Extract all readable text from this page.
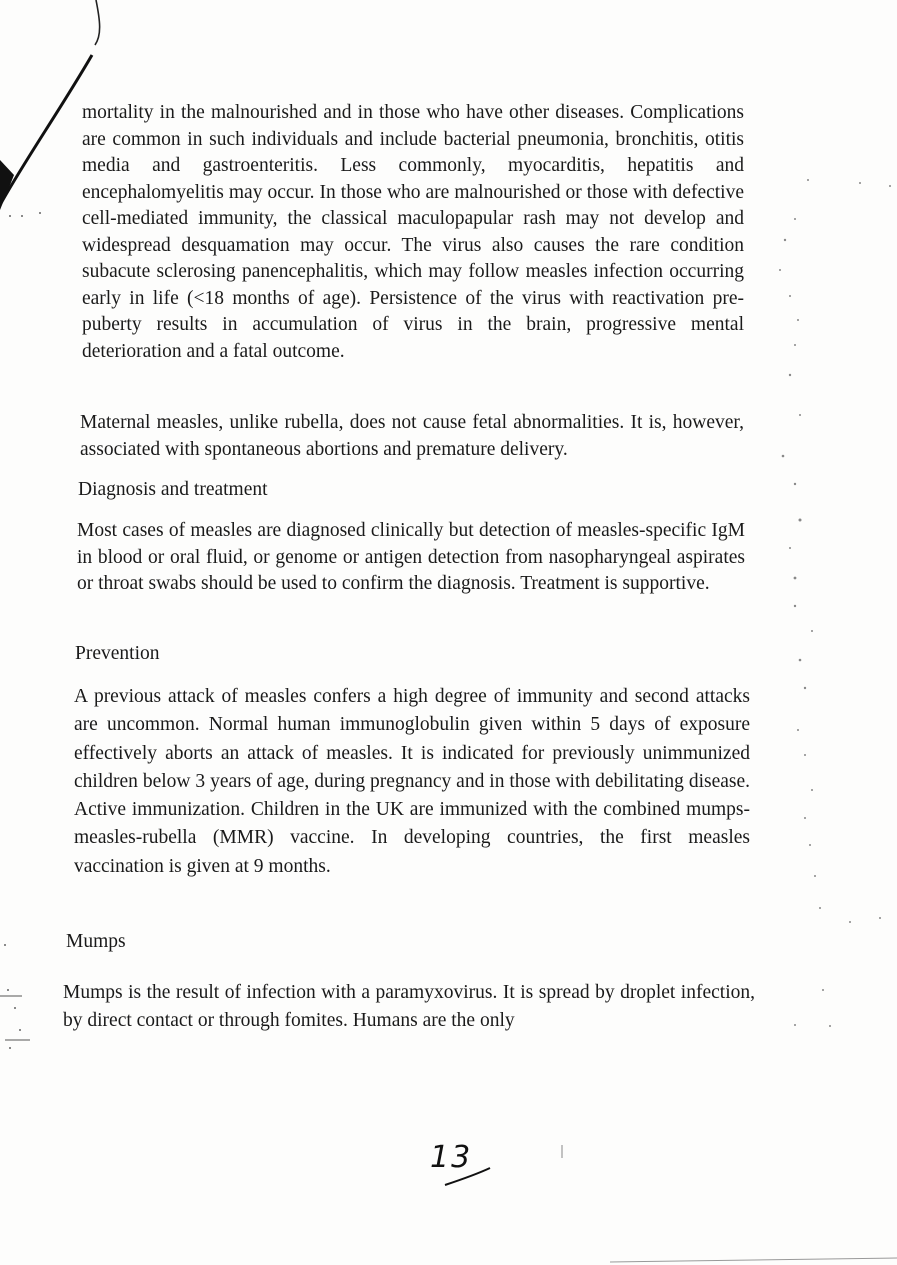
mortality in the malnourished and in those who have other diseases. Complications are common in such individuals and include bacterial pneumonia, bronchitis, otitis media and gastroenteritis. Less commonly, myocarditis, hepatitis and encephalomyelitis may occur. In those who are malnourished or those with defective cell-mediated immunity, the classical maculopapular rash may not develop and widespread desquamation may occur. The virus also causes the rare condition subacute sclerosing panencephalitis, which may follow measles infection occurring early in life (<18 months of age). Persistence of the virus with reactivation pre-puberty results in accumulation of virus in the brain, progressive mental deterioration and a fatal outcome.

Maternal measles, unlike rubella, does not cause fetal abnormalities. It is, however, associated with spontaneous abortions and premature delivery.

Diagnosis and treatment

Most cases of measles are diagnosed clinically but detection of measles-specific IgM in blood or oral fluid, or genome or antigen detection from nasopharyngeal aspirates or throat swabs should be used to confirm the diagnosis. Treatment is supportive.

Prevention

A previous attack of measles confers a high degree of immunity and second attacks are uncommon. Normal human immunoglobulin given within 5 days of exposure effectively aborts an attack of measles. It is indicated for previously unimmunized children below 3 years of age, during pregnancy and in those with debilitating disease. Active immunization. Children in the UK are immunized with the combined mumps-measles-rubella (MMR) vaccine. In developing countries, the first measles vaccination is given at 9 months.

Mumps

Mumps is the result of infection with a paramyxovirus. It is spread by droplet infection, by direct contact or through fomites. Humans are the only

13
